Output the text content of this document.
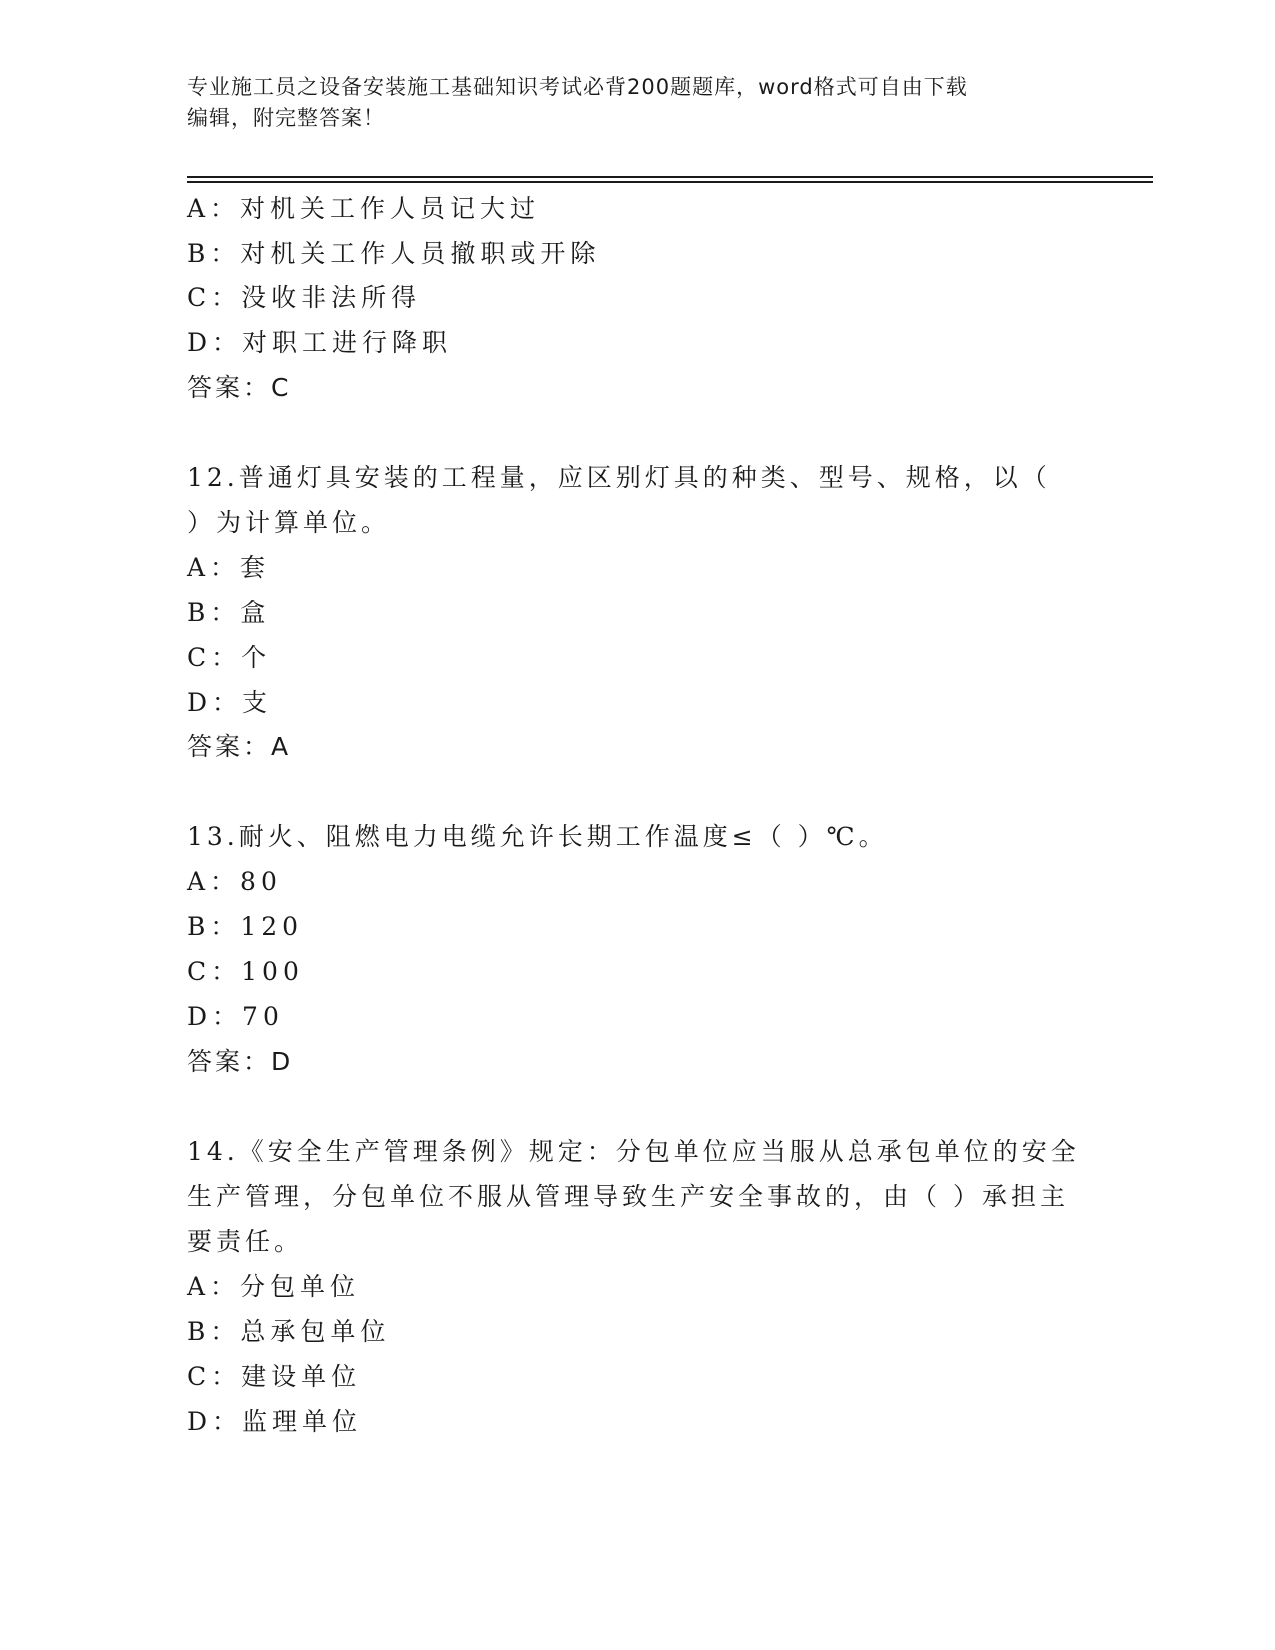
专业施工员之设备安装施工基础知识考试必背200题题库，word格式可自由下载
编辑，附完整答案！
A：对机关工作人员记大过
B：对机关工作人员撤职或开除
C：没收非法所得
D：对职工进行降职
答案：C
12.普通灯具安装的工程量，应区别灯具的种类、型号、规格，以（
）为计算单位。
A：套
B：盒
C：个
D：支
答案：A
13.耐火、阻燃电力电缆允许长期工作温度≤（ ）℃。
A：80
B：120
C：100
D：70
答案：D
14.《安全生产管理条例》规定：分包单位应当服从总承包单位的安全
生产管理，分包单位不服从管理导致生产安全事故的，由（ ）承担主
要责任。
A：分包单位
B：总承包单位
C：建设单位
D：监理单位
